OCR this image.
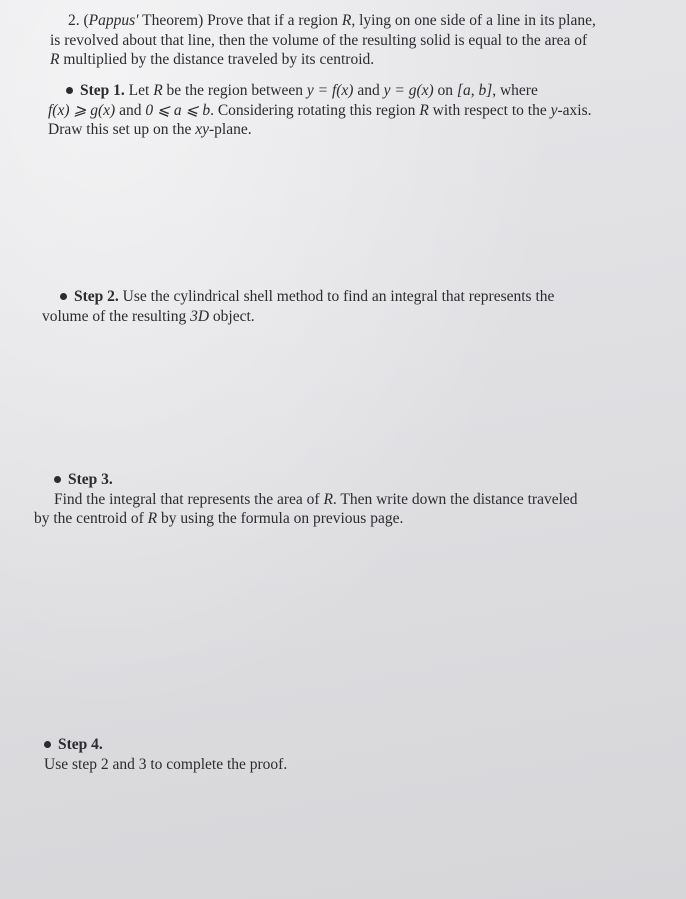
2. (Pappus′ Theorem) Prove that if a region R, lying on one side of a line in its plane,
is revolved about that line, then the volume of the resulting solid is equal to the area of
R multiplied by the distance traveled by its centroid.
Step 1. Let R be the region between y = f(x) and y = g(x) on [a, b], where
f(x) ⩾ g(x) and 0 ⩽ a ⩽ b. Considering rotating this region R with respect to the y-axis.
Draw this set up on the xy-plane.
Step 2. Use the cylindrical shell method to find an integral that represents the
volume of the resulting 3D object.
Step 3.
Find the integral that represents the area of R. Then write down the distance traveled
by the centroid of R by using the formula on previous page.
Step 4.
Use step 2 and 3 to complete the proof.
